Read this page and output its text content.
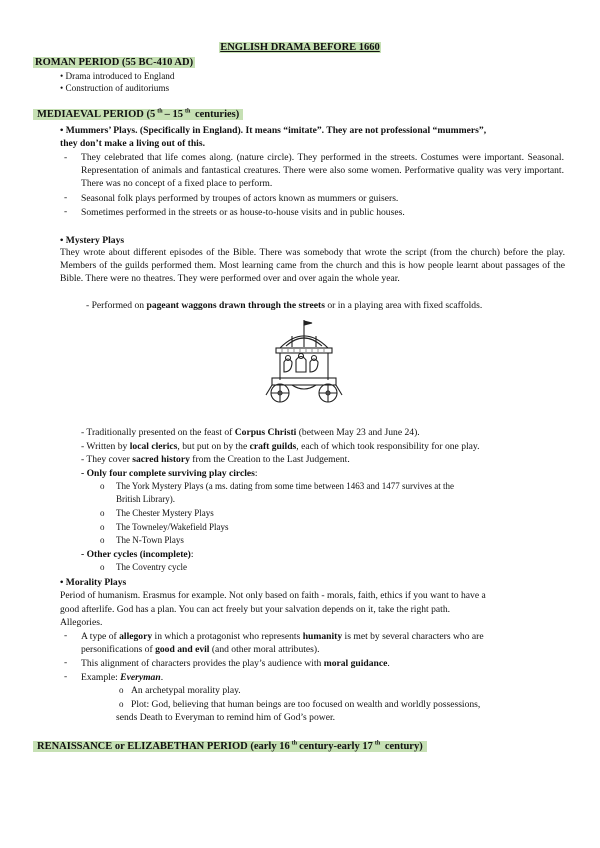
ENGLISH DRAMA BEFORE 1660
ROMAN PERIOD (55 BC-410 AD)
• Drama introduced to England
• Construction of auditoriums
MEDIAEVAL PERIOD (5 $^{th}$ – 15 $^{th}$ centuries)
• Mummers’ Plays. (Specifically in England). It means “imitate”. They are not professional “mummers”,
they don’t make a living out of this.
- They celebrated that life comes along. (nature circle). They performed in the streets. Costumes were important. Seasonal. Representation of animals and fantastical creatures. There were also some women. Performative quality was very important. There was no concept of a fixed place to perform.
- Seasonal folk plays performed by troupes of actors known as mummers or guisers.
- Sometimes performed in the streets or as house-to-house visits and in public houses.
• Mystery Plays
They wrote about different episodes of the Bible. There was somebody that wrote the script (from the church) before the play. Members of the guilds performed them. Most learning came from the church and this is how people learnt about passages of the Bible. There were no theatres. They were performed over and over again the whole year.
- Performed on pageant waggons drawn through the streets or in a playing area with fixed scaffolds.
- Traditionally presented on the feast of Corpus Christi (between May 23 and June 24).
- Written by local clerics, but put on by the craft guilds, each of which took responsibility for one play.
- They cover sacred history from the Creation to the Last Judgement.
- Only four complete surviving play circles:
o The York Mystery Plays (a ms. dating from some time between 1463 and 1477 survives at the
British Library).
o The Chester Mystery Plays
o The Towneley/Wakefield Plays
o The N-Town Plays
- Other cycles (incomplete):
o The Coventry cycle
• Morality Plays
Period of humanism. Erasmus for example. Not only based on faith - morals, faith, ethics if you want to have a
good afterlife. God has a plan. You can act freely but your salvation depends on it, take the right path.
Allegories.
- A type of allegory in which a protagonist who represents humanity is met by several characters who are
personifications of good and evil (and other moral attributes).
- This alignment of characters provides the play’s audience with moral guidance.
- Example: Everyman.
o An archetypal morality play.
o Plot: God, believing that human beings are too focused on wealth and worldly possessions,
sends Death to Everyman to remind him of God’s power.
RENAISSANCE or ELIZABETHAN PERIOD (early 16 $^{th}$ century-early 17 $^{th}$ century)
